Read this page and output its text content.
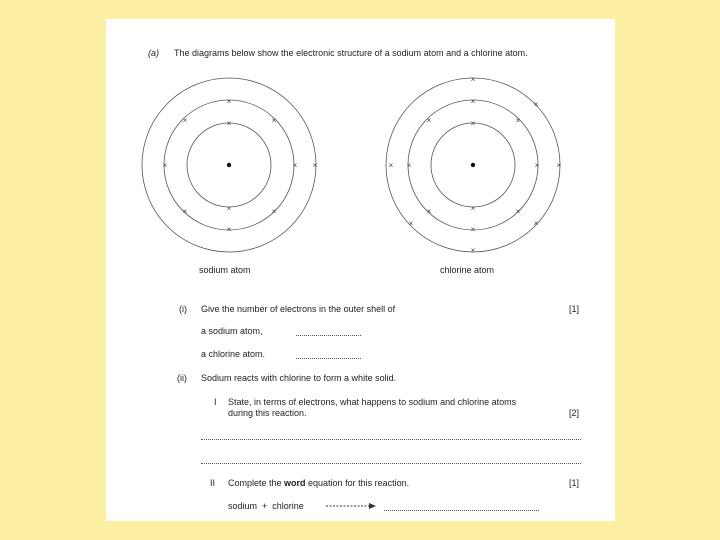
(a) The diagrams below show the electronic structure of a sodium atom and a chlorine atom.
×
×
×
×
×	×
×	×
×
×	×
×
×
×
×
×
×
×	×
×	×
×	×
×	×
×	×
×
sodium atom	chlorine atom
(i) Give the number of electrons in the outer shell of	[1]
a sodium atom,
a chlorine atom.
(ii) Sodium reacts with chlorine to form a white solid.
I State, in terms of electrons, what happens to sodium and chlorine atoms
during this reaction.	[2]
II Complete the word equation for this reaction.	[1]
sodium  +  chlorine
